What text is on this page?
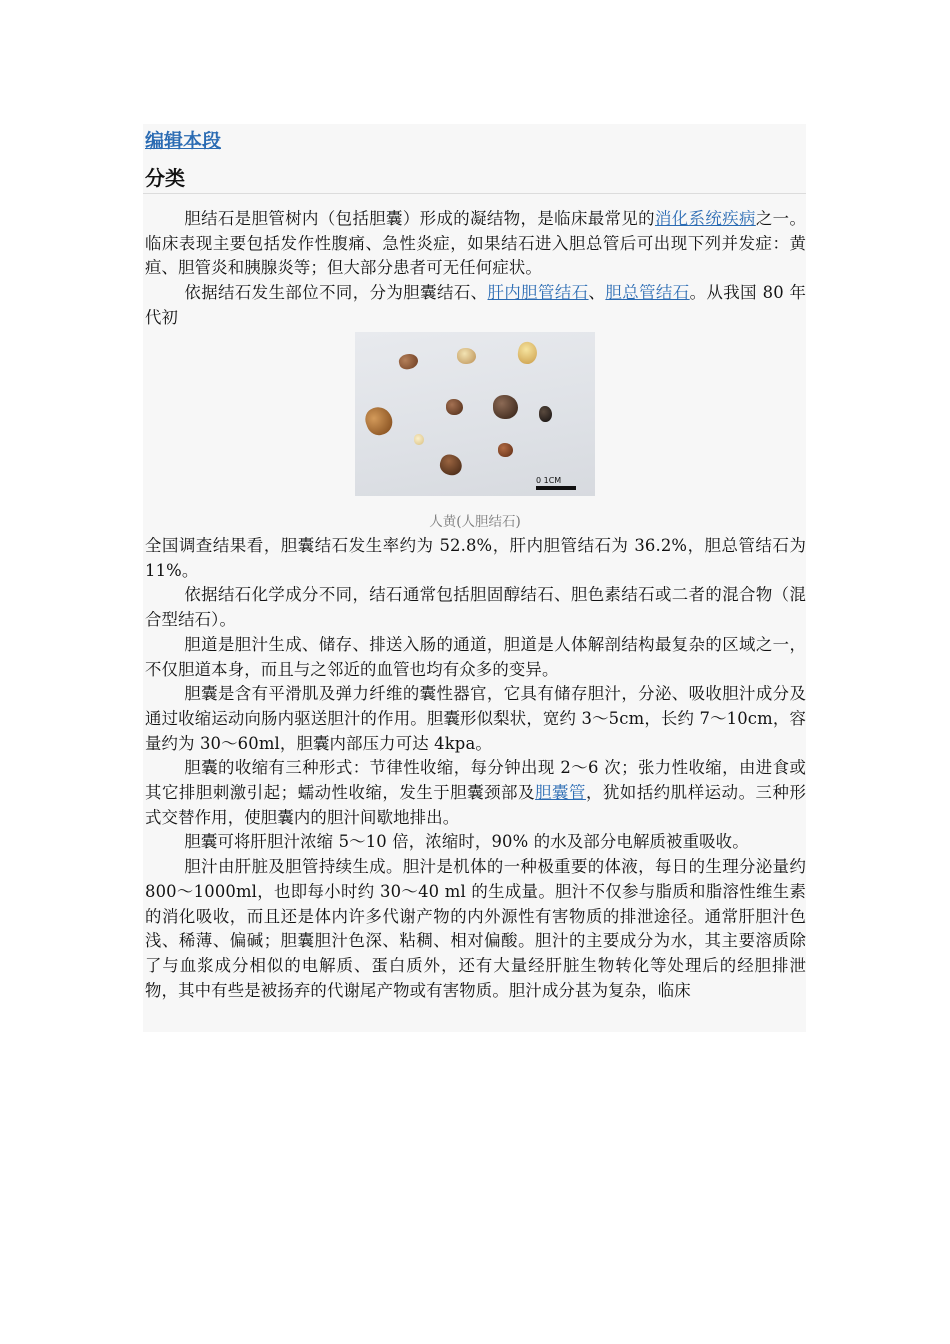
编辑本段
分类

胆结石是胆管树内（包括胆囊）形成的凝结物，是临床最常见的消化系统疾病之一。临床表现主要包括发作性腹痛、急性炎症，如果结石进入胆总管后可出现下列并发症：黄疸、胆管炎和胰腺炎等；但大部分患者可无任何症状。

依据结石发生部位不同，分为胆囊结石、肝内胆管结石、胆总管结石。从我国 80 年代初

0 1CM
人黄(人胆结石)

全国调查结果看，胆囊结石发生率约为 52.8%，肝内胆管结石为 36.2%，胆总管结石为 11%。

依据结石化学成分不同，结石通常包括胆固醇结石、胆色素结石或二者的混合物（混合型结石）。

胆道是胆汁生成、储存、排送入肠的通道，胆道是人体解剖结构最复杂的区域之一，不仅胆道本身，而且与之邻近的血管也均有众多的变异。

胆囊是含有平滑肌及弹力纤维的囊性器官，它具有储存胆汁，分泌、吸收胆汁成分及通过收缩运动向肠内驱送胆汁的作用。胆囊形似梨状，宽约 3～5cm，长约 7～10cm，容量约为 30～60ml，胆囊内部压力可达 4kpa。

胆囊的收缩有三种形式：节律性收缩，每分钟出现 2～6 次；张力性收缩，由进食或其它排胆刺激引起；蠕动性收缩，发生于胆囊颈部及胆囊管，犹如括约肌样运动。三种形式交替作用，使胆囊内的胆汁间歇地排出。

胆囊可将肝胆汁浓缩 5～10 倍，浓缩时，90% 的水及部分电解质被重吸收。

胆汁由肝脏及胆管持续生成。胆汁是机体的一种极重要的体液，每日的生理分泌量约 800～1000ml，也即每小时约 30～40 ml 的生成量。胆汁不仅参与脂质和脂溶性维生素的消化吸收，而且还是体内许多代谢产物的内外源性有害物质的排泄途径。通常肝胆汁色浅、稀薄、偏碱；胆囊胆汁色深、粘稠、相对偏酸。胆汁的主要成分为水，其主要溶质除了与血浆成分相似的电解质、蛋白质外，还有大量经肝脏生物转化等处理后的经胆排泄物，其中有些是被扬弃的代谢尾产物或有害物质。胆汁成分甚为复杂，临床
